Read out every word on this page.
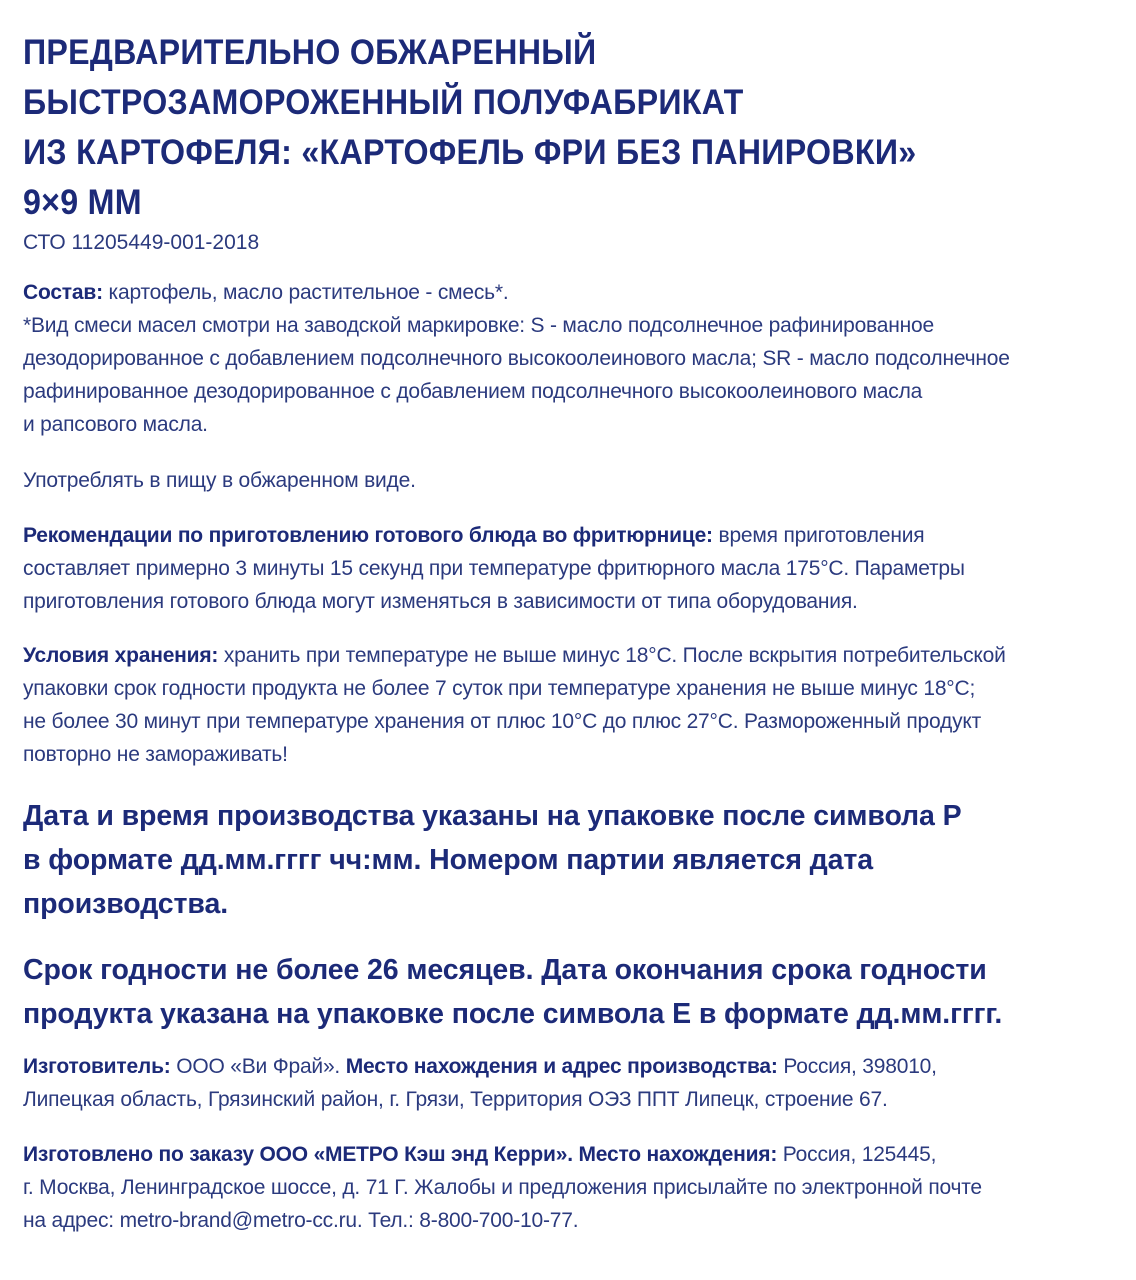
ПРЕДВАРИТЕЛЬНО ОБЖАРЕННЫЙ
БЫСТРОЗАМОРОЖЕННЫЙ ПОЛУФАБРИКАТ
ИЗ КАРТОФЕЛЯ: «КАРТОФЕЛЬ ФРИ БЕЗ ПАНИРОВКИ»
9×9 ММ
СТО 11205449-001-2018
Состав: картофель, масло растительное - смесь*.
*Вид смеси масел смотри на заводской маркировке: S - масло подсолнечное рафинированное
дезодорированное с добавлением подсолнечного высокоолеинового масла; SR - масло подсолнечное
рафинированное дезодорированное с добавлением подсолнечного высокоолеинового масла
и рапсового масла.
Употреблять в пищу в обжаренном виде.
Рекомендации по приготовлению готового блюда во фритюрнице: время приготовления
составляет примерно 3 минуты 15 секунд при температуре фритюрного масла 175°C. Параметры
приготовления готового блюда могут изменяться в зависимости от типа оборудования.
Условия хранения: хранить при температуре не выше минус 18°C. После вскрытия потребительской
упаковки срок годности продукта не более 7 суток при температуре хранения не выше минус 18°C;
не более 30 минут при температуре хранения от плюс 10°C до плюс 27°C. Размороженный продукт
повторно не замораживать!
Дата и время производства указаны на упаковке после символа P
в формате дд.мм.гггг чч:мм. Номером партии является дата
производства.
Срок годности не более 26 месяцев. Дата окончания срока годности
продукта указана на упаковке после символа E в формате дд.мм.гггг.
Изготовитель: ООО «Ви Фрай». Место нахождения и адрес производства: Россия, 398010,
Липецкая область, Грязинский район, г. Грязи, Территория ОЭЗ ППТ Липецк, строение 67.
Изготовлено по заказу ООО «МЕТРО Кэш энд Керри». Место нахождения: Россия, 125445,
г. Москва, Ленинградское шоссе, д. 71 Г. Жалобы и предложения присылайте по электронной почте
на адрес: metro-brand@metro-cc.ru. Тел.: 8-800-700-10-77.
